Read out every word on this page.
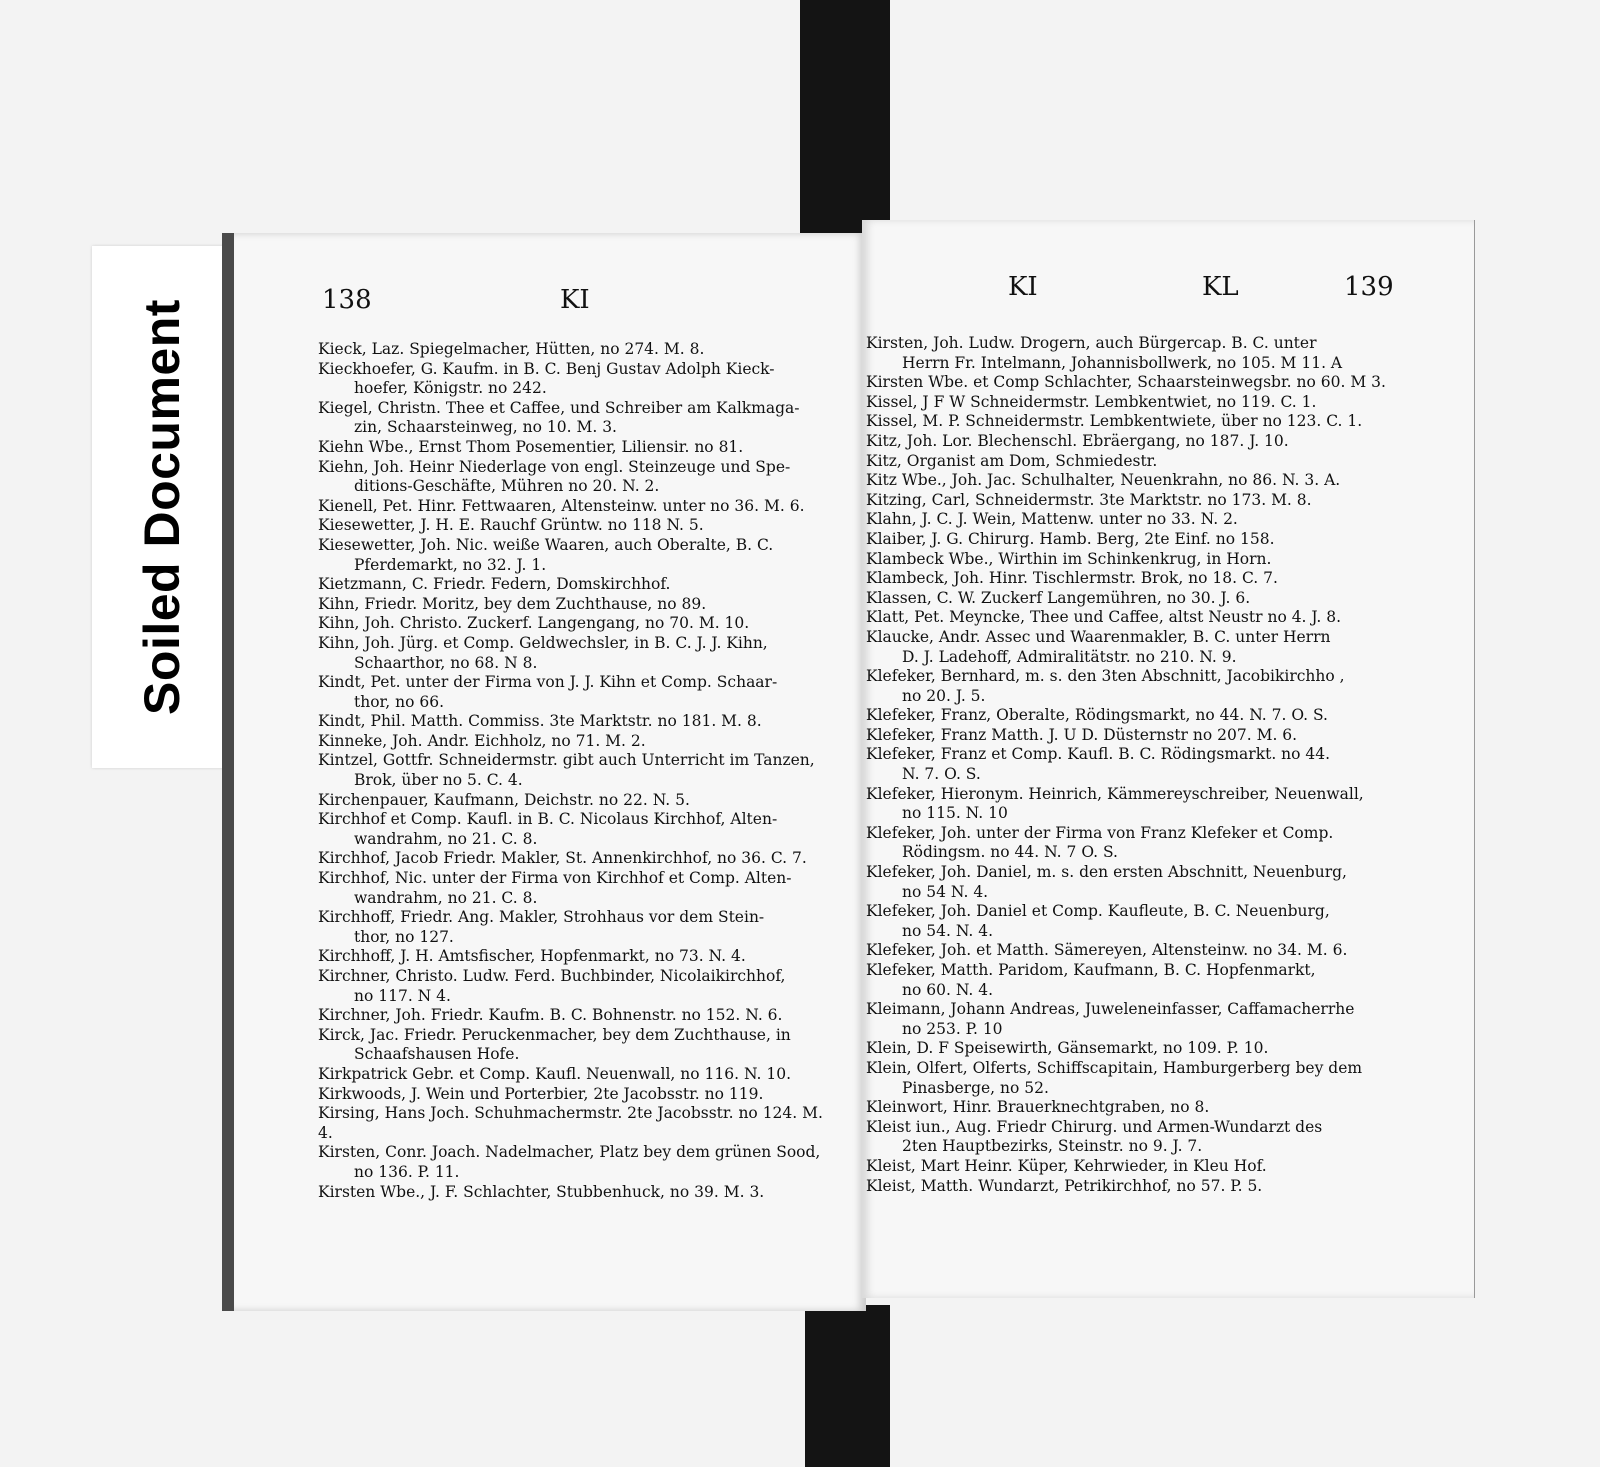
Soiled Document	138	KI
Kieck, Laz. Spiegelmacher, Hütten, no 274. M. 8.
Kieckhoefer, G. Kaufm. in B. C. Benj Gustav Adolph Kieck-
hoefer, Königstr. no 242.
Kiegel, Christn. Thee et Caffee, und Schreiber am Kalkmaga-
zin, Schaarsteinweg, no 10. M. 3.
Kiehn Wbe., Ernst Thom Posementier, Liliensir. no 81.
Kiehn, Joh. Heinr Niederlage von engl. Steinzeuge und Spe-
ditions-Geschäfte, Mühren no 20. N. 2.
Kienell, Pet. Hinr. Fettwaaren, Altensteinw. unter no 36. M. 6.
Kiesewetter, J. H. E. Rauchf Grüntw. no 118 N. 5.
Kiesewetter, Joh. Nic. weiße Waaren, auch Oberalte, B. C.
Pferdemarkt, no 32. J. 1.
Kietzmann, C. Friedr. Federn, Domskirchhof.
Kihn, Friedr. Moritz, bey dem Zuchthause, no 89.
Kihn, Joh. Christo. Zuckerf. Langengang, no 70. M. 10.
Kihn, Joh. Jürg. et Comp. Geldwechsler, in B. C. J. J. Kihn,
Schaarthor, no 68. N 8.
Kindt, Pet. unter der Firma von J. J. Kihn et Comp. Schaar-
thor, no 66.
Kindt, Phil. Matth. Commiss. 3te Marktstr. no 181. M. 8.
Kinneke, Joh. Andr. Eichholz, no 71. M. 2.
Kintzel, Gottfr. Schneidermstr. gibt auch Unterricht im Tanzen,
Brok, über no 5. C. 4.
Kirchenpauer, Kaufmann, Deichstr. no 22. N. 5.
Kirchhof et Comp. Kaufl. in B. C. Nicolaus Kirchhof, Alten-
wandrahm, no 21. C. 8.
Kirchhof, Jacob Friedr. Makler, St. Annenkirchhof, no 36. C. 7.
Kirchhof, Nic. unter der Firma von Kirchhof et Comp. Alten-
wandrahm, no 21. C. 8.
Kirchhoff, Friedr. Ang. Makler, Strohhaus vor dem Stein-
thor, no 127.
Kirchhoff, J. H. Amtsfischer, Hopfenmarkt, no 73. N. 4.
Kirchner, Christo. Ludw. Ferd. Buchbinder, Nicolaikirchhof,
no 117. N 4.
Kirchner, Joh. Friedr. Kaufm. B. C. Bohnenstr. no 152. N. 6.
Kirck, Jac. Friedr. Peruckenmacher, bey dem Zuchthause, in
Schaafshausen Hofe.
Kirkpatrick Gebr. et Comp. Kaufl. Neuenwall, no 116. N. 10.
Kirkwoods, J. Wein und Porterbier, 2te Jacobsstr. no 119.
Kirsing, Hans Joch. Schuhmachermstr. 2te Jacobsstr. no 124. M. 4.
Kirsten, Conr. Joach. Nadelmacher, Platz bey dem grünen Sood,
no 136. P. 11.
Kirsten Wbe., J. F. Schlachter, Stubbenhuck, no 39. M. 3.
KI	KL	139
Kirsten, Joh. Ludw. Drogern, auch Bürgercap. B. C. unter
Herrn Fr. Intelmann, Johannisbollwerk, no 105. M 11. A
Kirsten Wbe. et Comp Schlachter, Schaarsteinwegsbr. no 60. M 3.
Kissel, J F W Schneidermstr. Lembkentwiet, no 119. C. 1.
Kissel, M. P. Schneidermstr. Lembkentwiete, über no 123. C. 1.
Kitz, Joh. Lor. Blechenschl. Ebräergang, no 187. J. 10.
Kitz, Organist am Dom, Schmiedestr.
Kitz Wbe., Joh. Jac. Schulhalter, Neuenkrahn, no 86. N. 3. A.
Kitzing, Carl, Schneidermstr. 3te Marktstr. no 173. M. 8.
Klahn, J. C. J. Wein, Mattenw. unter no 33. N. 2.
Klaiber, J. G. Chirurg. Hamb. Berg, 2te Einf. no 158.
Klambeck Wbe., Wirthin im Schinkenkrug, in Horn.
Klambeck, Joh. Hinr. Tischlermstr. Brok, no 18. C. 7.
Klassen, C. W. Zuckerf Langemühren, no 30. J. 6.
Klatt, Pet. Meyncke, Thee und Caffee, altst Neustr no 4. J. 8.
Klaucke, Andr. Assec und Waarenmakler, B. C. unter Herrn
D. J. Ladehoff, Admiralitätstr. no 210. N. 9.
Klefeker, Bernhard, m. s. den 3ten Abschnitt, Jacobikirchho ,
no 20. J. 5.
Klefeker, Franz, Oberalte, Rödingsmarkt, no 44. N. 7. O. S.
Klefeker, Franz Matth. J. U D. Düsternstr no 207. M. 6.
Klefeker, Franz et Comp. Kaufl. B. C. Rödingsmarkt. no 44.
N. 7. O. S.
Klefeker, Hieronym. Heinrich, Kämmereyschreiber, Neuenwall,
no 115. N. 10
Klefeker, Joh. unter der Firma von Franz Klefeker et Comp.
Rödingsm. no 44. N. 7 O. S.
Klefeker, Joh. Daniel, m. s. den ersten Abschnitt, Neuenburg,
no 54 N. 4.
Klefeker, Joh. Daniel et Comp. Kaufleute, B. C. Neuenburg,
no 54. N. 4.
Klefeker, Joh. et Matth. Sämereyen, Altensteinw. no 34. M. 6.
Klefeker, Matth. Paridom, Kaufmann, B. C. Hopfenmarkt,
no 60. N. 4.
Kleimann, Johann Andreas, Juweleneinfasser, Caffamacherrhe
no 253. P. 10
Klein, D. F Speisewirth, Gänsemarkt, no 109. P. 10.
Klein, Olfert, Olferts, Schiffscapitain, Hamburgerberg bey dem
Pinasberge, no 52.
Kleinwort, Hinr. Brauerknechtgraben, no 8.
Kleist iun., Aug. Friedr Chirurg. und Armen-Wundarzt des
2ten Hauptbezirks, Steinstr. no 9. J. 7.
Kleist, Mart Heinr. Küper, Kehrwieder, in Kleu Hof.
Kleist, Matth. Wundarzt, Petrikirchhof, no 57. P. 5.
